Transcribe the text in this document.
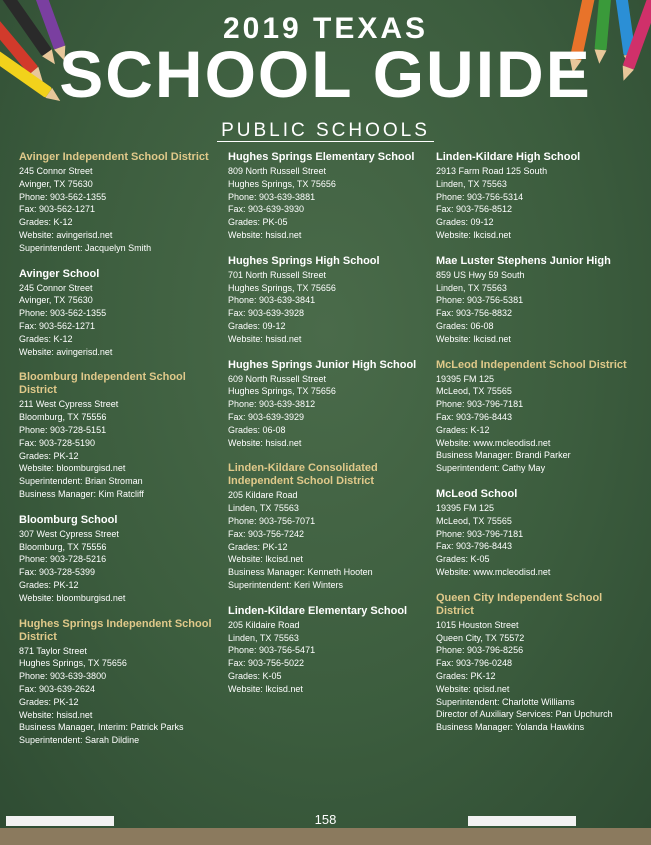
2019 TEXAS
SCHOOL GUIDE
PUBLIC SCHOOLS
Avinger Independent School District
245 Connor Street
Avinger, TX 75630
Phone: 903-562-1355
Fax: 903-562-1271
Grades: K-12
Website: avingerisd.net
Superintendent: Jacquelyn Smith
Avinger School
245 Connor Street
Avinger, TX 75630
Phone: 903-562-1355
Fax: 903-562-1271
Grades: K-12
Website: avingerisd.net
Bloomburg Independent School District
211 West Cypress Street
Bloomburg, TX 75556
Phone: 903-728-5151
Fax: 903-728-5190
Grades: PK-12
Website: bloomburgisd.net
Superintendent: Brian Stroman
Business Manager: Kim Ratcliff
Bloomburg School
307 West Cypress Street
Bloomburg, TX 75556
Phone: 903-728-5216
Fax: 903-728-5399
Grades: PK-12
Website: bloomburgisd.net
Hughes Springs Independent School District
871 Taylor Street
Hughes Springs, TX 75656
Phone: 903-639-3800
Fax: 903-639-2624
Grades: PK-12
Website: hsisd.net
Business Manager, Interim: Patrick Parks
Superintendent: Sarah Dildine
Hughes Springs Elementary School
809 North Russell Street
Hughes Springs, TX 75656
Phone: 903-639-3881
Fax: 903-639-3930
Grades: PK-05
Website: hsisd.net
Hughes Springs High School
701 North Russell Street
Hughes Springs, TX 75656
Phone: 903-639-3841
Fax: 903-639-3928
Grades: 09-12
Website: hsisd.net
Hughes Springs Junior High School
609 North Russell Street
Hughes Springs, TX 75656
Phone: 903-639-3812
Fax: 903-639-3929
Grades: 06-08
Website: hsisd.net
Linden-Kildare Consolidated Independent School District
205 Kildare Road
Linden, TX 75563
Phone: 903-756-7071
Fax: 903-756-7242
Grades: PK-12
Website: lkcisd.net
Business Manager: Kenneth Hooten
Superintendent: Keri Winters
Linden-Kildare Elementary School
205 Kildaire Road
Linden, TX 75563
Phone: 903-756-5471
Fax: 903-756-5022
Grades: K-05
Website: lkcisd.net
Linden-Kildare High School
2913 Farm Road 125 South
Linden, TX 75563
Phone: 903-756-5314
Fax: 903-756-8512
Grades: 09-12
Website: lkcisd.net
Mae Luster Stephens Junior High
859 US Hwy 59 South
Linden, TX 75563
Phone: 903-756-5381
Fax: 903-756-8832
Grades: 06-08
Website: lkcisd.net
McLeod Independent School District
19395 FM 125
McLeod, TX 75565
Phone: 903-796-7181
Fax: 903-796-8443
Grades: K-12
Website: www.mcleodisd.net
Business Manager: Brandi Parker
Superintendent: Cathy May
McLeod School
19395 FM 125
McLeod, TX 75565
Phone: 903-796-7181
Fax: 903-796-8443
Grades: K-05
Website: www.mcleodisd.net
Queen City Independent School District
1015 Houston Street
Queen City, TX 75572
Phone: 903-796-8256
Fax: 903-796-0248
Grades: PK-12
Website: qcisd.net
Superintendent: Charlotte Williams
Director of Auxiliary Services: Pan Upchurch
Business Manager: Yolanda Hawkins
158
